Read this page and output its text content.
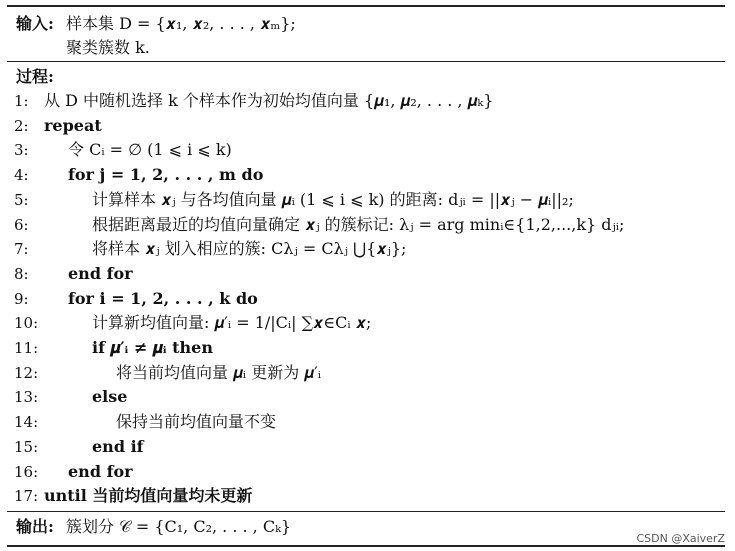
输入: 样本集 D = {𝒙₁, 𝒙₂, . . . , 𝒙ₘ};
聚类簇数 k.
过程:
1: 从 D 中随机选择 k 个样本作为初始均值向量 {𝝁₁, 𝝁₂, . . . , 𝝁ₖ}
2: repeat
3:	令 Cᵢ = ∅ (1 ⩽ i ⩽ k)
4:	for j = 1, 2, . . . , m do
5:	计算样本 𝒙ⱼ 与各均值向量 𝝁ᵢ (1 ⩽ i ⩽ k) 的距离: dⱼᵢ = ||𝒙ⱼ − 𝝁ᵢ||₂;
6:	根据距离最近的均值向量确定 𝒙ⱼ 的簇标记: λⱼ = arg minᵢ∈{1,2,...,k} dⱼᵢ;
7:	将样本 𝒙ⱼ 划入相应的簇: Cλⱼ = Cλⱼ ⋃{𝒙ⱼ};
8:	end for
9:	for i = 1, 2, . . . , k do
10:	计算新均值向量: 𝝁′ᵢ = 1/|Cᵢ| ∑𝒙∈Cᵢ 𝒙;
11:	if 𝝁′ᵢ ≠ 𝝁ᵢ then
12:	将当前均值向量 𝝁ᵢ 更新为 𝝁′ᵢ
13:	else
14:	保持当前均值向量不变
15:	end if
16:	end for
17: until 当前均值向量均未更新
输出: 簇划分 𝒞 = {C₁, C₂, . . . , Cₖ}
CSDN @XaiverZ
